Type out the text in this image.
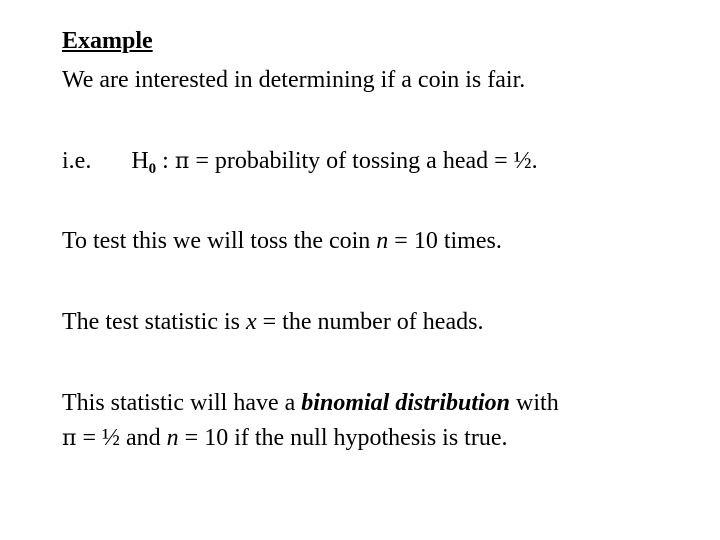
Example
We are interested in determining if a coin is fair.
i.e. $H_0$ : π = probability of tossing a head = ½.
To test this we will toss the coin n = 10 times.
The test statistic is x = the number of heads.
This statistic will have a binomial distribution with
π = ½ and n = 10 if the null hypothesis is true.
